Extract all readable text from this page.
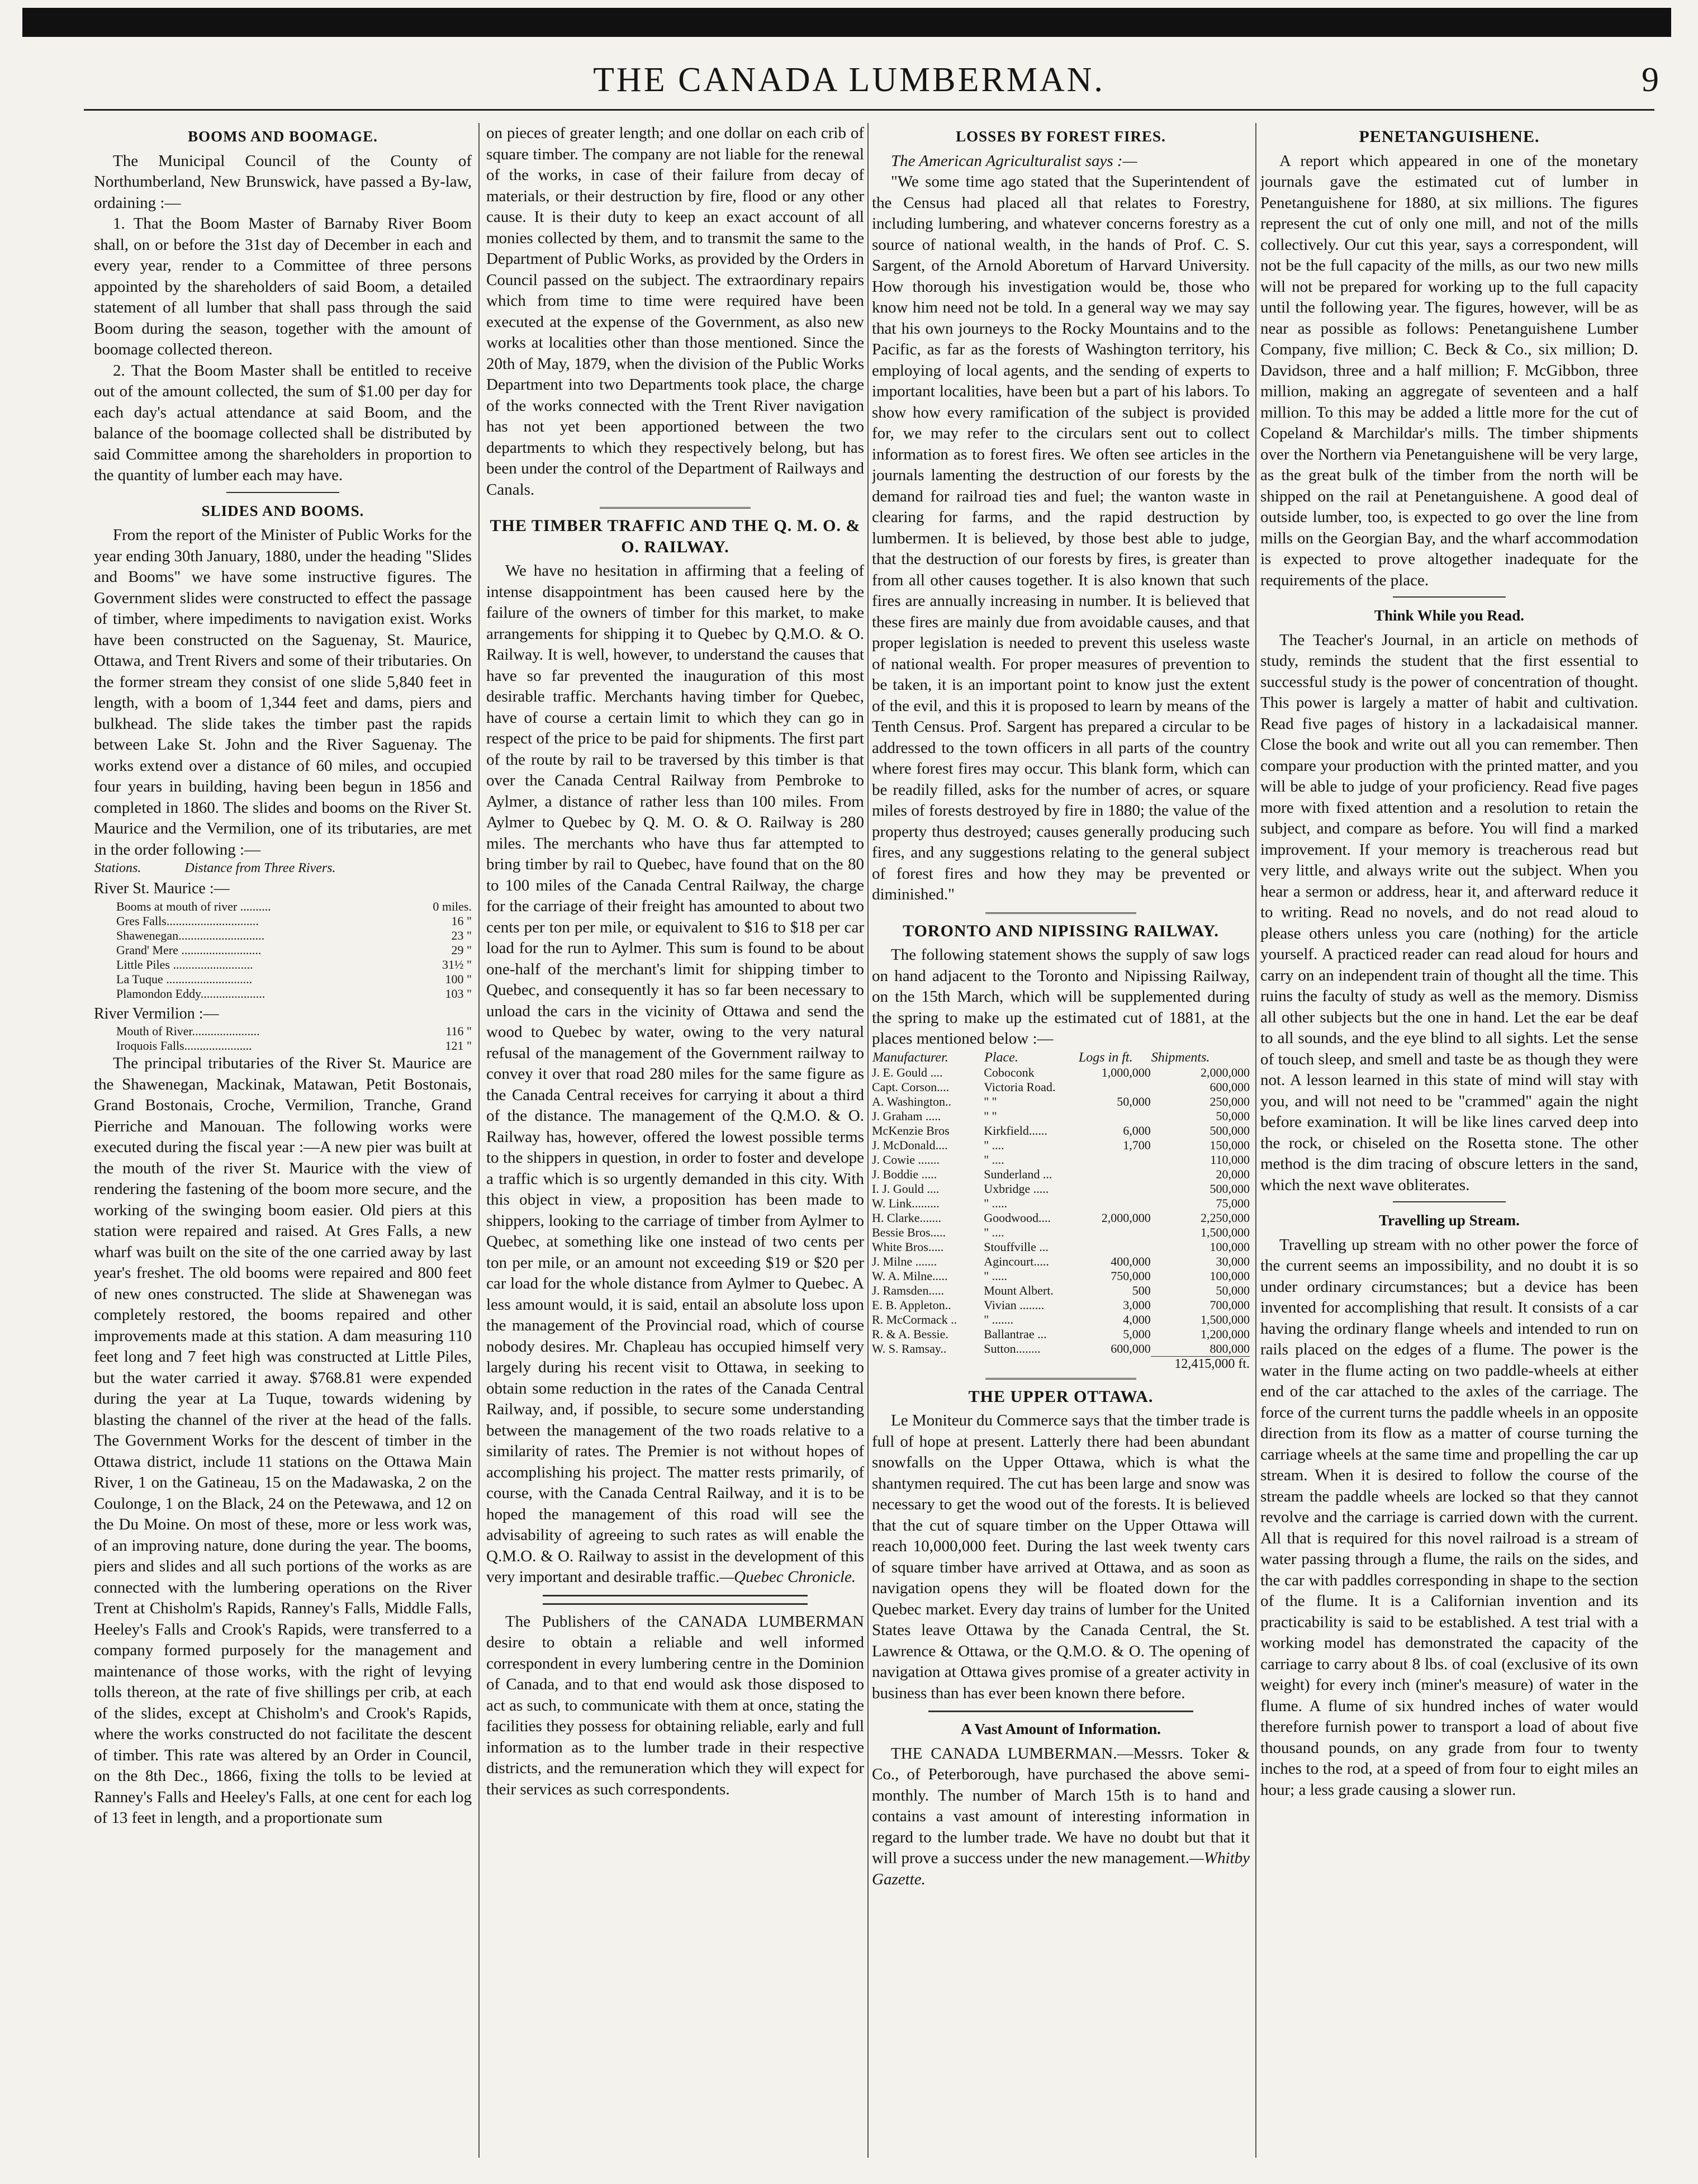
THE CANADA LUMBERMAN.	9
BOOMS AND BOOMAGE.

The Municipal Council of the County of Northumberland, New Brunswick, have passed a By-law, ordaining :—

1. That the Boom Master of Barnaby River Boom shall, on or before the 31st day of December in each and every year, render to a Committee of three persons appointed by the shareholders of said Boom, a detailed statement of all lumber that shall pass through the said Boom during the season, together with the amount of boomage collected thereon.

2. That the Boom Master shall be entitled to receive out of the amount collected, the sum of $1.00 per day for each day's actual attendance at said Boom, and the balance of the boomage collected shall be distributed by said Committee among the shareholders in proportion to the quantity of lumber each may have.

SLIDES AND BOOMS.

From the report of the Minister of Public Works for the year ending 30th January, 1880, under the heading "Slides and Booms" we have some instructive figures. The Government slides were constructed to effect the passage of timber, where impediments to navigation exist. Works have been constructed on the Saguenay, St. Maurice, Ottawa, and Trent Rivers and some of their tributaries. On the former stream they consist of one slide 5,840 feet in length, with a boom of 1,344 feet and dams, piers and bulkhead. The slide takes the timber past the rapids between Lake St. John and the River Saguenay. The works extend over a distance of 60 miles, and occupied four years in building, having been begun in 1856 and completed in 1860. The slides and booms on the River St. Maurice and the Vermilion, one of its tributaries, are met in the order following :—

Stations.	Distance from Three Rivers.

River St. Maurice :—

Booms at mouth of river ..........	0 miles.
Gres Falls..............................	16 "
Shawenegan............................	23 "
Grand' Mere ..........................	29 "
Little Piles ..........................	31½ "
La Tuque ............................	100 "
Plamondon Eddy.....................	103 "

River Vermilion :—

Mouth of River......................	116 "
Iroquois Falls......................	121 "

The principal tributaries of the River St. Maurice are the Shawenegan, Mackinak, Matawan, Petit Bostonais, Grand Bostonais, Croche, Vermilion, Tranche, Grand Pierriche and Manouan. The following works were executed during the fiscal year :—A new pier was built at the mouth of the river St. Maurice with the view of rendering the fastening of the boom more secure, and the working of the swinging boom easier. Old piers at this station were repaired and raised. At Gres Falls, a new wharf was built on the site of the one carried away by last year's freshet. The old booms were repaired and 800 feet of new ones constructed. The slide at Shawenegan was completely restored, the booms repaired and other improvements made at this station. A dam measuring 110 feet long and 7 feet high was constructed at Little Piles, but the water carried it away. $768.81 were expended during the year at La Tuque, towards widening by blasting the channel of the river at the head of the falls. The Government Works for the descent of timber in the Ottawa district, include 11 stations on the Ottawa Main River, 1 on the Gatineau, 15 on the Madawaska, 2 on the Coulonge, 1 on the Black, 24 on the Petewawa, and 12 on the Du Moine. On most of these, more or less work was, of an improving nature, done during the year. The booms, piers and slides and all such portions of the works as are connected with the lumbering operations on the River Trent at Chisholm's Rapids, Ranney's Falls, Middle Falls, Heeley's Falls and Crook's Rapids, were transferred to a company formed purposely for the management and maintenance of those works, with the right of levying tolls thereon, at the rate of five shillings per crib, at each of the slides, except at Chisholm's and Crook's Rapids, where the works constructed do not facilitate the descent of timber. This rate was altered by an Order in Council, on the 8th Dec., 1866, fixing the tolls to be levied at Ranney's Falls and Heeley's Falls, at one cent for each log of 13 feet in length, and a proportionate sum

on pieces of greater length; and one dollar on each crib of square timber. The company are not liable for the renewal of the works, in case of their failure from decay of materials, or their destruction by fire, flood or any other cause. It is their duty to keep an exact account of all monies collected by them, and to transmit the same to the Department of Public Works, as provided by the Orders in Council passed on the subject. The extraordinary repairs which from time to time were required have been executed at the expense of the Government, as also new works at localities other than those mentioned. Since the 20th of May, 1879, when the division of the Public Works Department into two Departments took place, the charge of the works connected with the Trent River navigation has not yet been apportioned between the two departments to which they respectively belong, but has been under the control of the Department of Railways and Canals.

THE TIMBER TRAFFIC AND THE Q. M. O. & O. RAILWAY.

We have no hesitation in affirming that a feeling of intense disappointment has been caused here by the failure of the owners of timber for this market, to make arrangements for shipping it to Quebec by Q.M.O. & O. Railway. It is well, however, to understand the causes that have so far prevented the inauguration of this most desirable traffic. Merchants having timber for Quebec, have of course a certain limit to which they can go in respect of the price to be paid for shipments. The first part of the route by rail to be traversed by this timber is that over the Canada Central Railway from Pembroke to Aylmer, a distance of rather less than 100 miles. From Aylmer to Quebec by Q. M. O. & O. Railway is 280 miles. The merchants who have thus far attempted to bring timber by rail to Quebec, have found that on the 80 to 100 miles of the Canada Central Railway, the charge for the carriage of their freight has amounted to about two cents per ton per mile, or equivalent to $16 to $18 per car load for the run to Aylmer. This sum is found to be about one-half of the merchant's limit for shipping timber to Quebec, and consequently it has so far been necessary to unload the cars in the vicinity of Ottawa and send the wood to Quebec by water, owing to the very natural refusal of the management of the Government railway to convey it over that road 280 miles for the same figure as the Canada Central receives for carrying it about a third of the distance. The management of the Q.M.O. & O. Railway has, however, offered the lowest possible terms to the shippers in question, in order to foster and develope a traffic which is so urgently demanded in this city. With this object in view, a proposition has been made to shippers, looking to the carriage of timber from Aylmer to Quebec, at something like one instead of two cents per ton per mile, or an amount not exceeding $19 or $20 per car load for the whole distance from Aylmer to Quebec. A less amount would, it is said, entail an absolute loss upon the management of the Provincial road, which of course nobody desires. Mr. Chapleau has occupied himself very largely during his recent visit to Ottawa, in seeking to obtain some reduction in the rates of the Canada Central Railway, and, if possible, to secure some understanding between the management of the two roads relative to a similarity of rates. The Premier is not without hopes of accomplishing his project. The matter rests primarily, of course, with the Canada Central Railway, and it is to be hoped the management of this road will see the advisability of agreeing to such rates as will enable the Q.M.O. & O. Railway to assist in the development of this very important and desirable traffic.—Quebec Chronicle.

The Publishers of the CANADA LUMBERMAN desire to obtain a reliable and well informed correspondent in every lumbering centre in the Dominion of Canada, and to that end would ask those disposed to act as such, to communicate with them at once, stating the facilities they possess for obtaining reliable, early and full information as to the lumber trade in their respective districts, and the remuneration which they will expect for their services as such correspondents.

LOSSES BY FOREST FIRES.

The American Agriculturalist says :—

"We some time ago stated that the Superintendent of the Census had placed all that relates to Forestry, including lumbering, and whatever concerns forestry as a source of national wealth, in the hands of Prof. C. S. Sargent, of the Arnold Aboretum of Harvard University. How thorough his investigation would be, those who know him need not be told. In a general way we may say that his own journeys to the Rocky Mountains and to the Pacific, as far as the forests of Washington territory, his employing of local agents, and the sending of experts to important localities, have been but a part of his labors. To show how every ramification of the subject is provided for, we may refer to the circulars sent out to collect information as to forest fires. We often see articles in the journals lamenting the destruction of our forests by the demand for railroad ties and fuel; the wanton waste in clearing for farms, and the rapid destruction by lumbermen. It is believed, by those best able to judge, that the destruction of our forests by fires, is greater than from all other causes together. It is also known that such fires are annually increasing in number. It is believed that these fires are mainly due from avoidable causes, and that proper legislation is needed to prevent this useless waste of national wealth. For proper measures of prevention to be taken, it is an important point to know just the extent of the evil, and this it is proposed to learn by means of the Tenth Census. Prof. Sargent has prepared a circular to be addressed to the town officers in all parts of the country where forest fires may occur. This blank form, which can be readily filled, asks for the number of acres, or square miles of forests destroyed by fire in 1880; the value of the property thus destroyed; causes generally producing such fires, and any suggestions relating to the general subject of forest fires and how they may be prevented or diminished."

TORONTO AND NIPISSING RAILWAY.

The following statement shows the supply of saw logs on hand adjacent to the Toronto and Nipissing Railway, on the 15th March, which will be supplemented during the spring to make up the estimated cut of 1881, at the places mentioned below :—

Manufacturer.	Place.	Logs in ft.	Shipments.
J. E. Gould ....	Coboconk	1,000,000	2,000,000
Capt. Corson....	Victoria Road.		600,000
A. Washington..	" "	50,000	250,000
J. Graham .....	" "		50,000
McKenzie Bros	Kirkfield......	6,000	500,000
J. McDonald....	" ....	1,700	150,000
J. Cowie .......	" ....		110,000
J. Boddie .....	Sunderland ...		20,000
I. J. Gould ....	Uxbridge .....		500,000
W. Link.........	" .....		75,000
H. Clarke.......	Goodwood....	2,000,000	2,250,000
Bessie Bros.....	" ....		1,500,000
White Bros.....	Stouffville ...		100,000
J. Milne .......	Agincourt.....	400,000	30,000
W. A. Milne.....	" .....	750,000	100,000
J. Ramsden.....	Mount Albert.	500	50,000
E. B. Appleton..	Vivian ........	3,000	700,000
R. McCormack ..	" .......	4,000	1,500,000
R. & A. Bessie.	Ballantrae ...	5,000	1,200,000
W. S. Ramsay..	Sutton........	600,000	800,000
			12,415,000 ft.
THE UPPER OTTAWA.

Le Moniteur du Commerce says that the timber trade is full of hope at present. Latterly there had been abundant snowfalls on the Upper Ottawa, which is what the shantymen required. The cut has been large and snow was necessary to get the wood out of the forests. It is believed that the cut of square timber on the Upper Ottawa will reach 10,000,000 feet. During the last week twenty cars of square timber have arrived at Ottawa, and as soon as navigation opens they will be floated down for the Quebec market. Every day trains of lumber for the United States leave Ottawa by the Canada Central, the St. Lawrence & Ottawa, or the Q.M.O. & O. The opening of navigation at Ottawa gives promise of a greater activity in business than has ever been known there before.

A Vast Amount of Information.

THE CANADA LUMBERMAN.—Messrs. Toker & Co., of Peterborough, have purchased the above semi-monthly. The number of March 15th is to hand and contains a vast amount of interesting information in regard to the lumber trade. We have no doubt but that it will prove a success under the new management.—Whitby Gazette.

PENETANGUISHENE.

A report which appeared in one of the monetary journals gave the estimated cut of lumber in Penetanguishene for 1880, at six millions. The figures represent the cut of only one mill, and not of the mills collectively. Our cut this year, says a correspondent, will not be the full capacity of the mills, as our two new mills will not be prepared for working up to the full capacity until the following year. The figures, however, will be as near as possible as follows: Penetanguishene Lumber Company, five million; C. Beck & Co., six million; D. Davidson, three and a half million; F. McGibbon, three million, making an aggregate of seventeen and a half million. To this may be added a little more for the cut of Copeland & Marchildar's mills. The timber shipments over the Northern via Penetanguishene will be very large, as the great bulk of the timber from the north will be shipped on the rail at Penetanguishene. A good deal of outside lumber, too, is expected to go over the line from mills on the Georgian Bay, and the wharf accommodation is expected to prove altogether inadequate for the requirements of the place.

Think While you Read.

The Teacher's Journal, in an article on methods of study, reminds the student that the first essential to successful study is the power of concentration of thought. This power is largely a matter of habit and cultivation. Read five pages of history in a lackadaisical manner. Close the book and write out all you can remember. Then compare your production with the printed matter, and you will be able to judge of your proficiency. Read five pages more with fixed attention and a resolution to retain the subject, and compare as before. You will find a marked improvement. If your memory is treacherous read but very little, and always write out the subject. When you hear a sermon or address, hear it, and afterward reduce it to writing. Read no novels, and do not read aloud to please others unless you care (nothing) for the article yourself. A practiced reader can read aloud for hours and carry on an independent train of thought all the time. This ruins the faculty of study as well as the memory. Dismiss all other subjects but the one in hand. Let the ear be deaf to all sounds, and the eye blind to all sights. Let the sense of touch sleep, and smell and taste be as though they were not. A lesson learned in this state of mind will stay with you, and will not need to be "crammed" again the night before examination. It will be like lines carved deep into the rock, or chiseled on the Rosetta stone. The other method is the dim tracing of obscure letters in the sand, which the next wave obliterates.

Travelling up Stream.

Travelling up stream with no other power the force of the current seems an impossibility, and no doubt it is so under ordinary circumstances; but a device has been invented for accomplishing that result. It consists of a car having the ordinary flange wheels and intended to run on rails placed on the edges of a flume. The power is the water in the flume acting on two paddle-wheels at either end of the car attached to the axles of the carriage. The force of the current turns the paddle wheels in an opposite direction from its flow as a matter of course turning the carriage wheels at the same time and propelling the car up stream. When it is desired to follow the course of the stream the paddle wheels are locked so that they cannot revolve and the carriage is carried down with the current. All that is required for this novel railroad is a stream of water passing through a flume, the rails on the sides, and the car with paddles corresponding in shape to the section of the flume. It is a Californian invention and its practicability is said to be established. A test trial with a working model has demonstrated the capacity of the carriage to carry about 8 lbs. of coal (exclusive of its own weight) for every inch (miner's measure) of water in the flume. A flume of six hundred inches of water would therefore furnish power to transport a load of about five thousand pounds, on any grade from four to twenty inches to the rod, at a speed of from four to eight miles an hour; a less grade causing a slower run.
